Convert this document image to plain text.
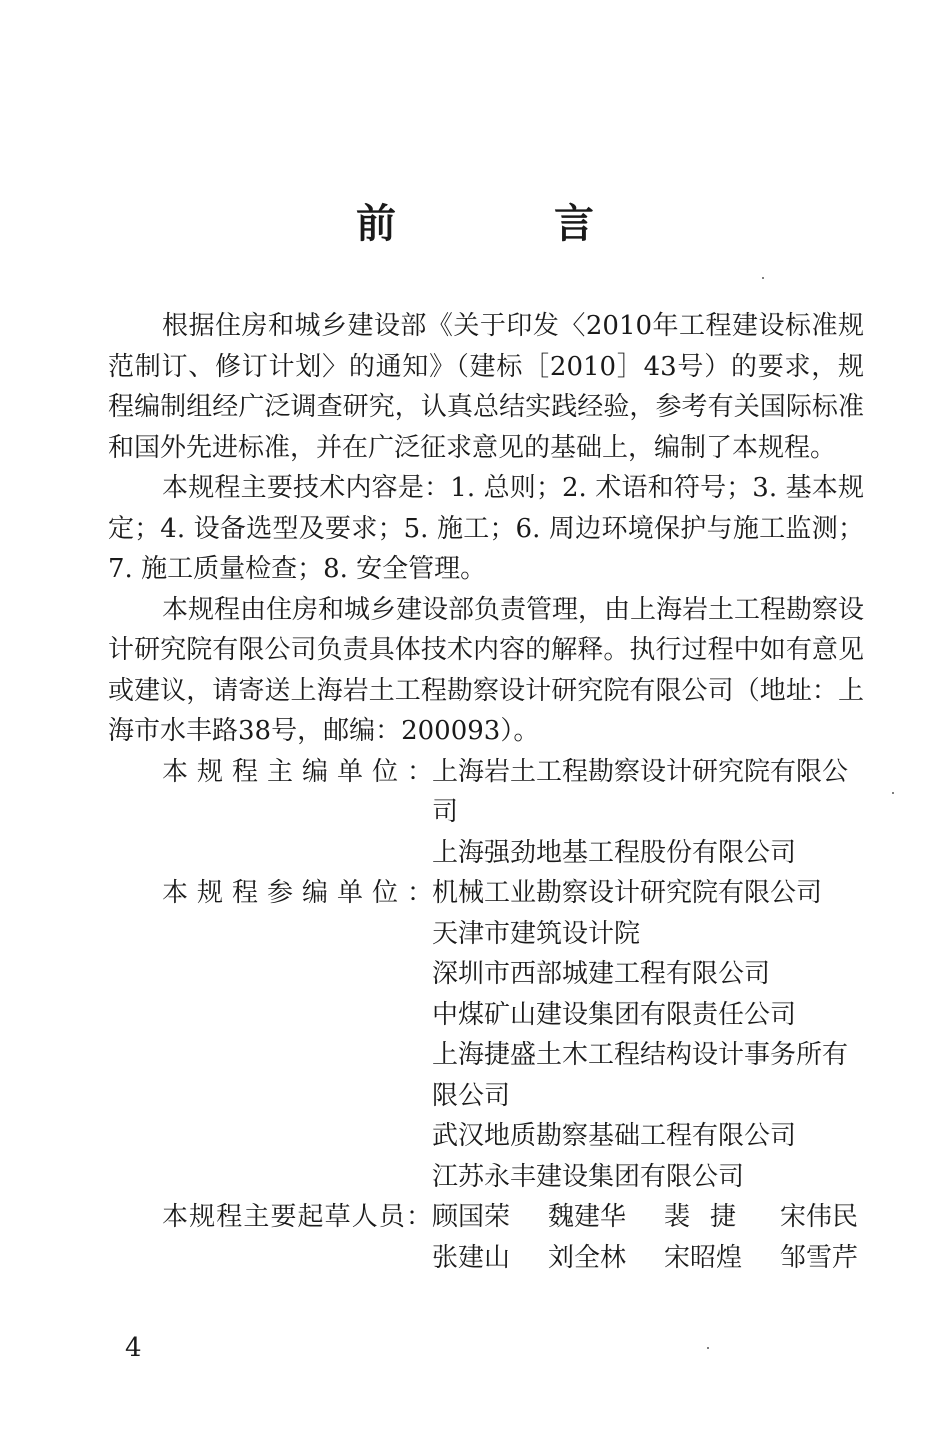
前 言

根据住房和城乡建设部《关于印发〈2010年工程建设标准规范制订、修订计划〉的通知》（建标［2010］43号）的要求，规程编制组经广泛调查研究，认真总结实践经验，参考有关国际标准和国外先进标准，并在广泛征求意见的基础上，编制了本规程。

本规程主要技术内容是：1. 总则；2. 术语和符号；3. 基本规定；4. 设备选型及要求；5. 施工；6. 周边环境保护与施工监测；7. 施工质量检查；8. 安全管理。

本规程由住房和城乡建设部负责管理，由上海岩土工程勘察设计研究院有限公司负责具体技术内容的解释。执行过程中如有意见或建议，请寄送上海岩土工程勘察设计研究院有限公司（地址：上海市水丰路38号，邮编：200093）。

本规程主编单位：
上海岩土工程勘察设计研究院有限公司
上海强劲地基工程股份有限公司
本规程参编单位：
机械工业勘察设计研究院有限公司
天津市建筑设计院
深圳市西部城建工程有限公司
中煤矿山建设集团有限责任公司
上海捷盛土木工程结构设计事务所有限公司
武汉地质勘察基础工程有限公司
江苏永丰建设集团有限公司
本规程主要起草人员： 顾国荣	魏建华	裴捷 宋伟民
张建山	刘全林	宋昭煌	邹雪芹
4
